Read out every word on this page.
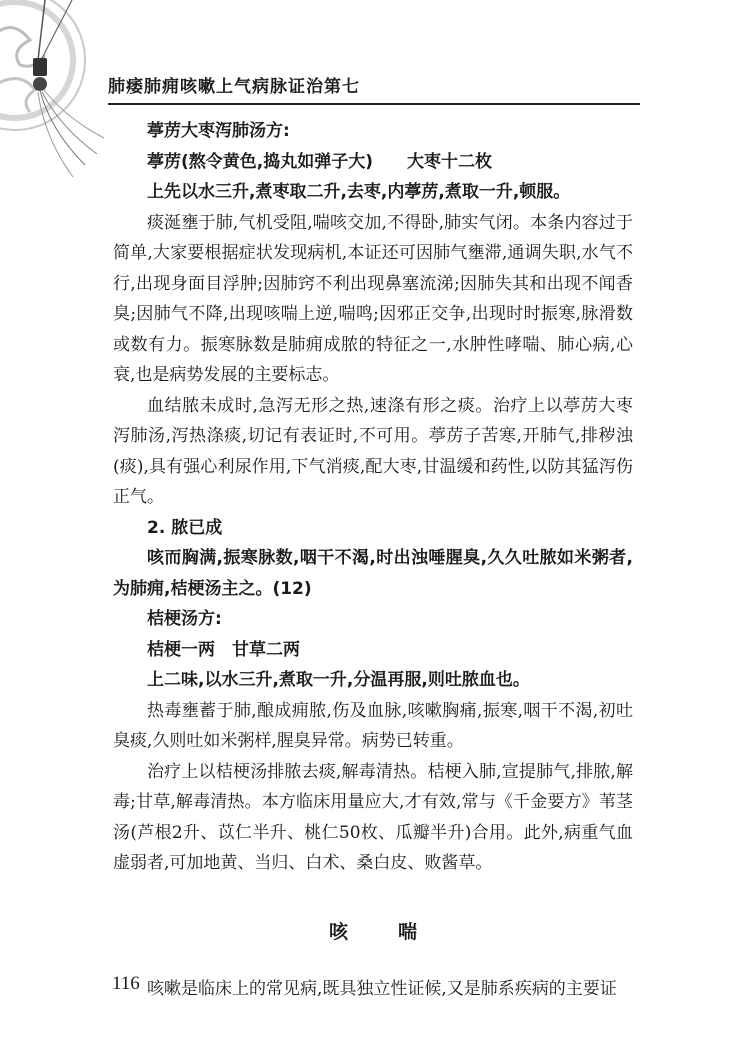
肺痿肺痈咳嗽上气病脉证治第七

葶苈大枣泻肺汤方:

葶苈(熬令黄色,捣丸如弹子大)　　大枣十二枚

上先以水三升,煮枣取二升,去枣,内葶苈,煮取一升,顿服。

痰涎壅于肺,气机受阻,喘咳交加,不得卧,肺实气闭。本条内容过于简单,大家要根据症状发现病机,本证还可因肺气壅滞,通调失职,水气不行,出现身面目浮肿;因肺窍不利出现鼻塞流涕;因肺失其和出现不闻香臭;因肺气不降,出现咳喘上逆,喘鸣;因邪正交争,出现时时振寒,脉滑数或数有力。振寒脉数是肺痈成脓的特征之一,水肿性哮喘、肺心病,心衰,也是病势发展的主要标志。

血结脓未成时,急泻无形之热,速涤有形之痰。治疗上以葶苈大枣泻肺汤,泻热涤痰,切记有表证时,不可用。葶苈子苦寒,开肺气,排秽浊(痰),具有强心利尿作用,下气消痰,配大枣,甘温缓和药性,以防其猛泻伤正气。

2. 脓已成

咳而胸满,振寒脉数,咽干不渴,时出浊唾腥臭,久久吐脓如米粥者,为肺痈,桔梗汤主之。(12)

桔梗汤方:

桔梗一两　甘草二两

上二味,以水三升,煮取一升,分温再服,则吐脓血也。

热毒壅蓄于肺,酿成痈脓,伤及血脉,咳嗽胸痛,振寒,咽干不渴,初吐臭痰,久则吐如米粥样,腥臭异常。病势已转重。

治疗上以桔梗汤排脓去痰,解毒清热。桔梗入肺,宣提肺气,排脓,解毒;甘草,解毒清热。本方临床用量应大,才有效,常与《千金要方》苇茎汤(芦根2升、苡仁半升、桃仁50枚、瓜瓣半升)合用。此外,病重气血虚弱者,可加地黄、当归、白术、桑白皮、败酱草。

咳喘

咳嗽是临床上的常见病,既具独立性证候,又是肺系疾病的主要证

116
